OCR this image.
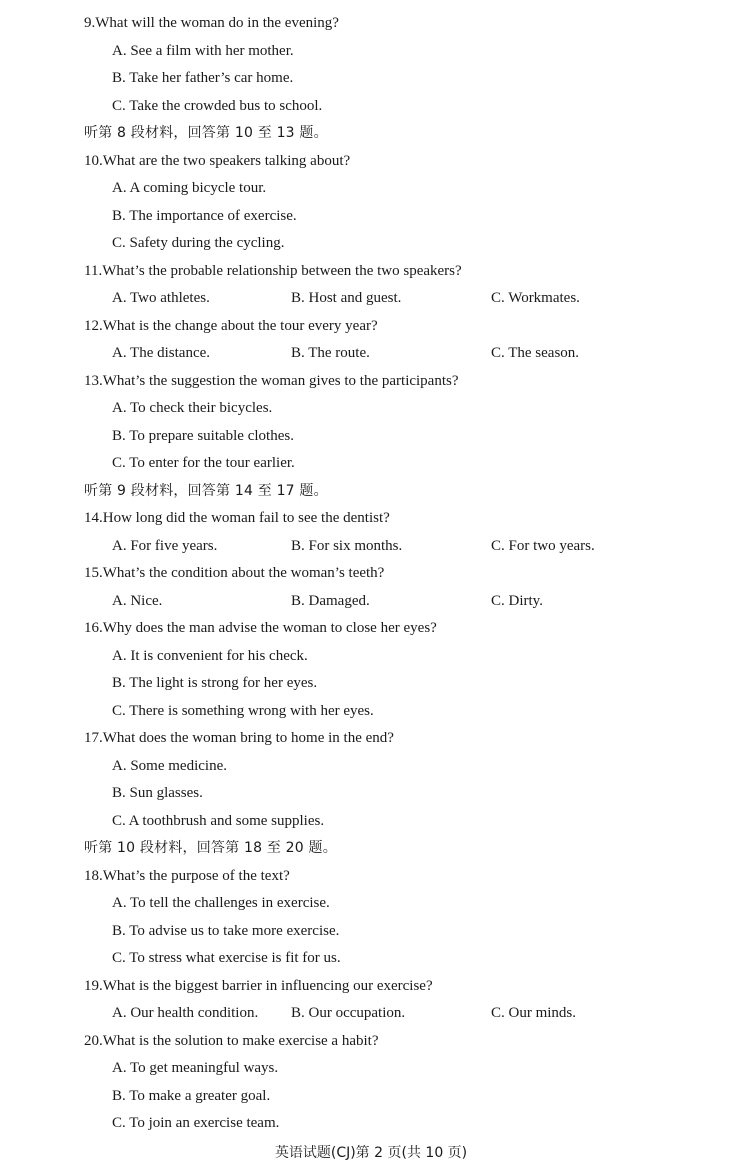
9.What will the woman do in the evening?
A. See a film with her mother.
B. Take her father’s car home.
C. Take the crowded bus to school.
听第 8 段材料，回答第 10 至 13 题。
10.What are the two speakers talking about?
A. A coming bicycle tour.
B. The importance of exercise.
C. Safety during the cycling.
11.What’s the probable relationship between the two speakers?
A. Two athletes.	B. Host and guest.	C. Workmates.
12.What is the change about the tour every year?
A. The distance.	B. The route.	C. The season.
13.What’s the suggestion the woman gives to the participants?
A. To check their bicycles.
B. To prepare suitable clothes.
C. To enter for the tour earlier.
听第 9 段材料，回答第 14 至 17 题。
14.How long did the woman fail to see the dentist?
A. For five years.	B. For six months.	C. For two years.
15.What’s the condition about the woman’s teeth?
A. Nice.	B. Damaged.	C. Dirty.
16.Why does the man advise the woman to close her eyes?
A. It is convenient for his check.
B. The light is strong for her eyes.
C. There is something wrong with her eyes.
17.What does the woman bring to home in the end?
A. Some medicine.
B. Sun glasses.
C. A toothbrush and some supplies.
听第 10 段材料，回答第 18 至 20 题。
18.What’s the purpose of the text?
A. To tell the challenges in exercise.
B. To advise us to take more exercise.
C. To stress what exercise is fit for us.
19.What is the biggest barrier in influencing our exercise?
A. Our health condition. B. Our occupation.	C. Our minds.
20.What is the solution to make exercise a habit?
A. To get meaningful ways.
B. To make a greater goal.
C. To join an exercise team.
英语试题(CJ)第 2 页(共 10 页)
